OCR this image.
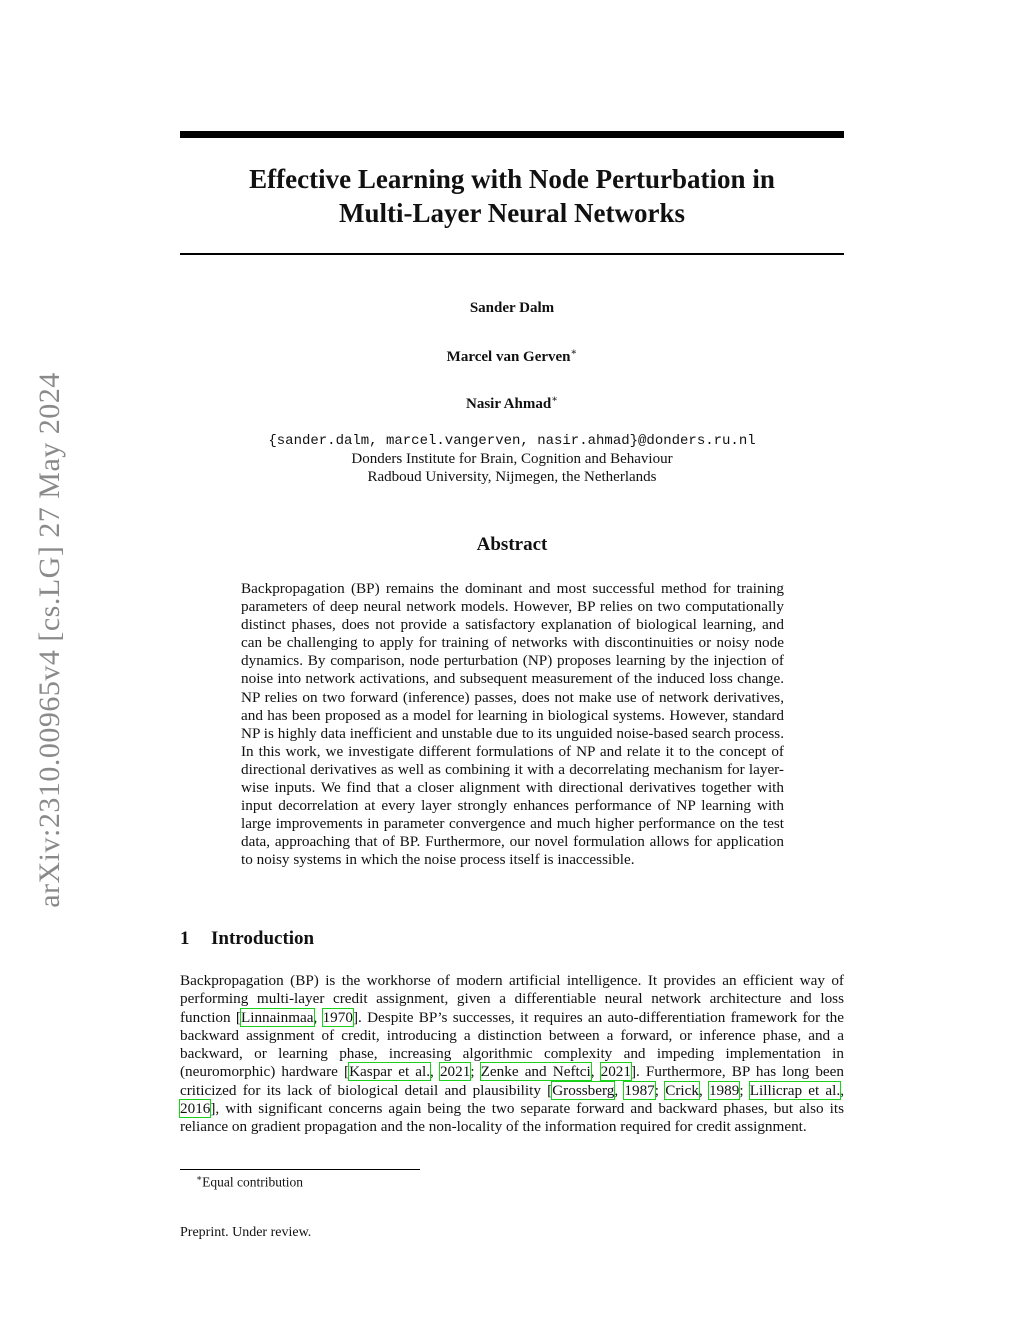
arXiv:2310.00965v4 [cs.LG] 27 May 2024
Effective Learning with Node Perturbation in
Multi-Layer Neural Networks
Sander Dalm
Marcel van Gerven∗
Nasir Ahmad∗
{sander.dalm, marcel.vangerven, nasir.ahmad}@donders.ru.nl
Donders Institute for Brain, Cognition and Behaviour
Radboud University, Nijmegen, the Netherlands
Abstract

Backpropagation (BP) remains the dominant and most successful method for training parameters of deep neural network models. However, BP relies on two computationally distinct phases, does not provide a satisfactory explanation of biological learning, and can be challenging to apply for training of networks with discontinuities or noisy node dynamics. By comparison, node perturbation (NP) proposes learning by the injection of noise into network activations, and subsequent measurement of the induced loss change. NP relies on two forward (inference) passes, does not make use of network derivatives, and has been proposed as a model for learning in biological systems. However, standard NP is highly data inefficient and unstable due to its unguided noise-based search process. In this work, we investigate different formulations of NP and relate it to the concept of directional derivatives as well as combining it with a decorrelating mechanism for layer-wise inputs. We find that a closer alignment with directional derivatives together with input decorrelation at every layer strongly enhances performance of NP learning with large improvements in parameter convergence and much higher performance on the test data, approaching that of BP. Furthermore, our novel formulation allows for application to noisy systems in which the noise process itself is inaccessible.

1 Introduction

Backpropagation (BP) is the workhorse of modern artificial intelligence. It provides an efficient way of performing multi-layer credit assignment, given a differentiable neural network architecture and loss function [Linnainmaa, 1970]. Despite BP’s successes, it requires an auto-differentiation framework for the backward assignment of credit, introducing a distinction between a forward, or inference phase, and a backward, or learning phase, increasing algorithmic complexity and impeding implementation in (neuromorphic) hardware [Kaspar et al., 2021; Zenke and Neftci, 2021]. Furthermore, BP has long been criticized for its lack of biological detail and plausibility [Grossberg, 1987; Crick, 1989; Lillicrap et al., 2016], with significant concerns again being the two separate forward and backward phases, but also its reliance on gradient propagation and the non-locality of the information required for credit assignment.

∗Equal contribution
Preprint. Under review.
